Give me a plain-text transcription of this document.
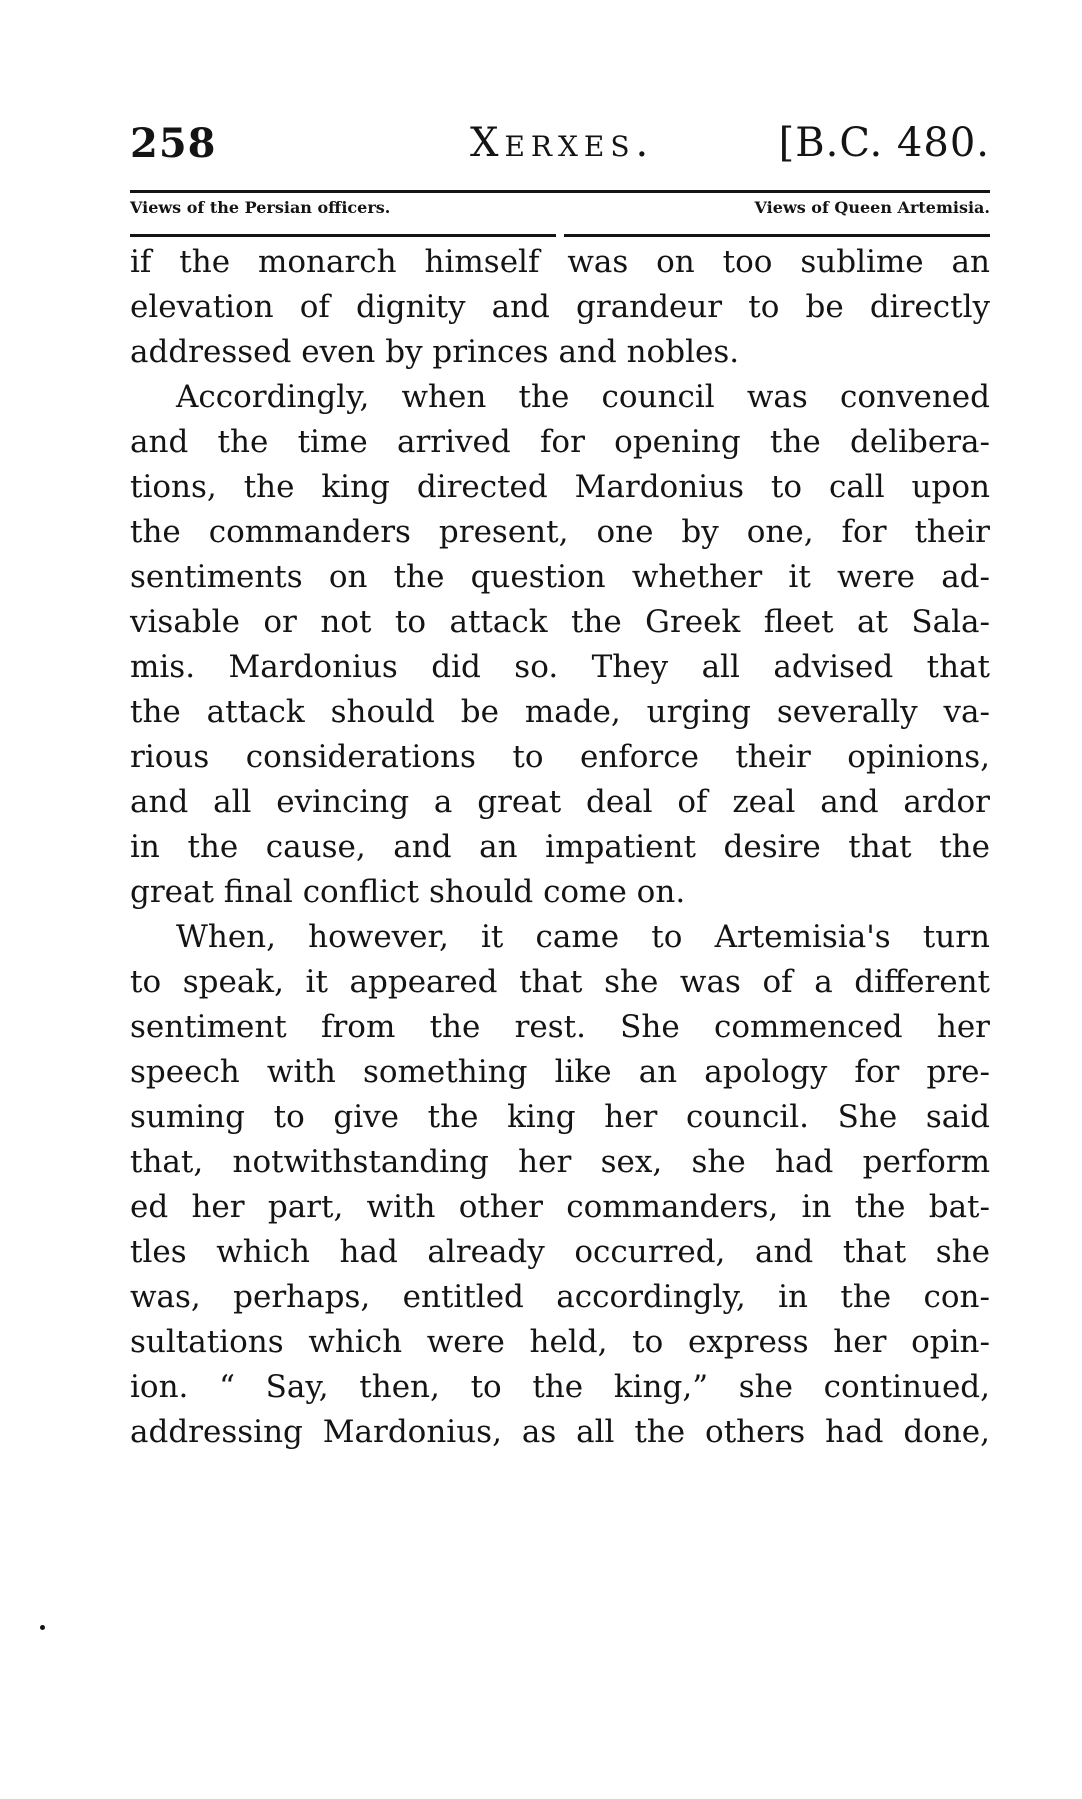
258	Xerxes.	[B.C. 480.
Views of the Persian officers.	Views of Queen Artemisia.
if the monarch himself was on too sublime an
elevation of dignity and grandeur to be directly
addressed even by princes and nobles.
Accordingly, when the council was convened
and the time arrived for opening the delibera-
tions, the king directed Mardonius to call upon
the commanders present, one by one, for their
sentiments on the question whether it were ad-
visable or not to attack the Greek fleet at Sala-
mis. Mardonius did so. They all advised that
the attack should be made, urging severally va-
rious considerations to enforce their opinions,
and all evincing a great deal of zeal and ardor
in the cause, and an impatient desire that the
great final conflict should come on.
When, however, it came to Artemisia's turn
to speak, it appeared that she was of a different
sentiment from the rest. She commenced her
speech with something like an apology for pre-
suming to give the king her council. She said
that, notwithstanding her sex, she had perform
ed her part, with other commanders, in the bat-
tles which had already occurred, and that she
was, perhaps, entitled accordingly, in the con-
sultations which were held, to express her opin-
ion. “ Say, then, to the king,” she continued,
addressing Mardonius, as all the others had done,
